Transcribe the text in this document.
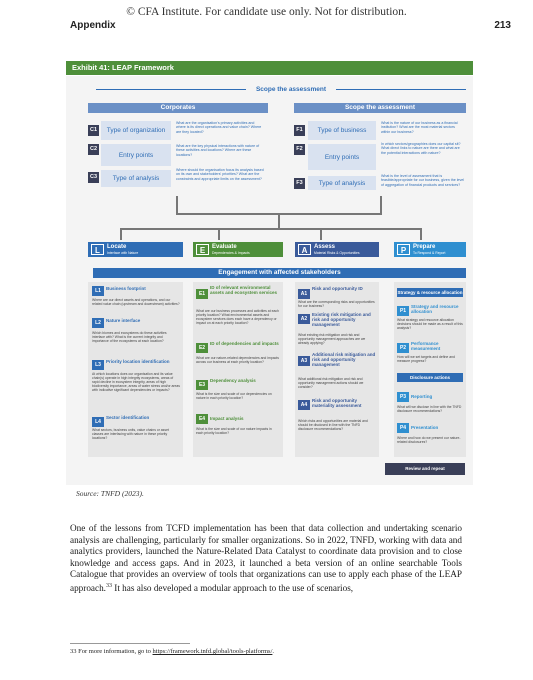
© CFA Institute. For candidate use only. Not for distribution.
Appendix	213
Exhibit 41: LEAP Framework
Scope the assessment
Corporates
C1	Type of organization
What are the organisation's primary activities and where is its direct operations and value chain? Where are they located?
C2
Entry points
What are the key physical interactions with nature of these activities and locations? Where are these locations?
C3	Type of analysis
Where should the organisation focus its analysis based on its own and stakeholders' priorities? What are the constraints and appropriate limits on the assessment?
Scope the assessment
F1	Type of business
What is the nature of our business as a financial institution? What are the most material sectors within our business?
F2
Entry points
In which sectors/geographies does our capital sit? What direct links to nature are there and what are the potential interactions with nature?
F3	Type of analysis
What is the level of assessment that is feasible/appropriate for our business, given the level of aggregation of financial products and services?
L	Locate
Interface with Nature	E	Evaluate
Dependencies & Impacts	A	Assess
Material Risks & Opportunities	P	Prepare
To Respond & Report
Engagement with affected stakeholders
L1	Business footprint
Where are our direct assets and operations, and our related value chain (upstream and downstream) activities?
L2	Nature interface
Which biomes and ecosystems do these activities interface with? What is the current integrity and importance of the ecosystems at each location?
L3
Priority location identification
At which locations does our organisation and its value chain(s) operate in high integrity ecosystems, areas of rapid decline in ecosystem integrity, areas of high biodiversity importance, areas of water stress and/or areas with indicative significant dependencies or impacts?
L4
Sector identification
What sectors, business units, value chains or asset classes are interfacing with nature in these priority locations?
E1
ID of relevant environmental assets and ecosystem services
What are our business processes and activities at each priority location? What environmental assets and ecosystem services does each have a dependency or impact on at each priority location?
E2
ID of dependencies and impacts
What are our nature-related dependencies and impacts across our business at each priority location?
E3
Dependency analysis
What is the size and scale of our dependencies on nature in each priority location?
E4	Impact analysis
What is the size and scale of our nature impacts in each priority location?
A1
Risk and opportunity ID
What are the corresponding risks and opportunities for our business?
A2
Existing risk mitigation and risk and opportunity management
What existing risk mitigation and risk and opportunity management approaches are we already applying?
A3
Additional risk mitigation and risk and opportunity management
What additional risk mitigation and risk and opportunity management actions should we consider?
A4
Risk and opportunity materiality assessment
Which risks and opportunities are material and should be disclosed in line with the TNFD disclosure recommendations?
Strategy & resource allocation
P1
Strategy and resource allocation
What strategy and resource allocation decisions should be made as a result of this analysis?
P2
Performance measurement
How will we set targets and define and measure progress?
Disclosure actions
P3	Reporting
What will we disclose in line with the TNFD disclosure recommendations?
P4	Presentation
Where and how do we present our nature-related disclosures?
Review and repeat
Source: TNFD (2023).
One of the lessons from TCFD implementation has been that data collection and undertaking scenario analysis are challenging, particularly for smaller organizations. So in 2022, TNFD, working with data and analytics providers, launched the Nature-Related Data Catalyst to coordinate data provision and to close knowledge and access gaps. And in 2023, it launched a beta version of an online searchable Tools Catalogue that provides an overview of tools that organizations can use to apply each phase of the LEAP approach.$^{33}$ It has also developed a modular approach to the use of scenarios,
33 For more information, go to https://framework.tnfd.global/tools-platforms/.
